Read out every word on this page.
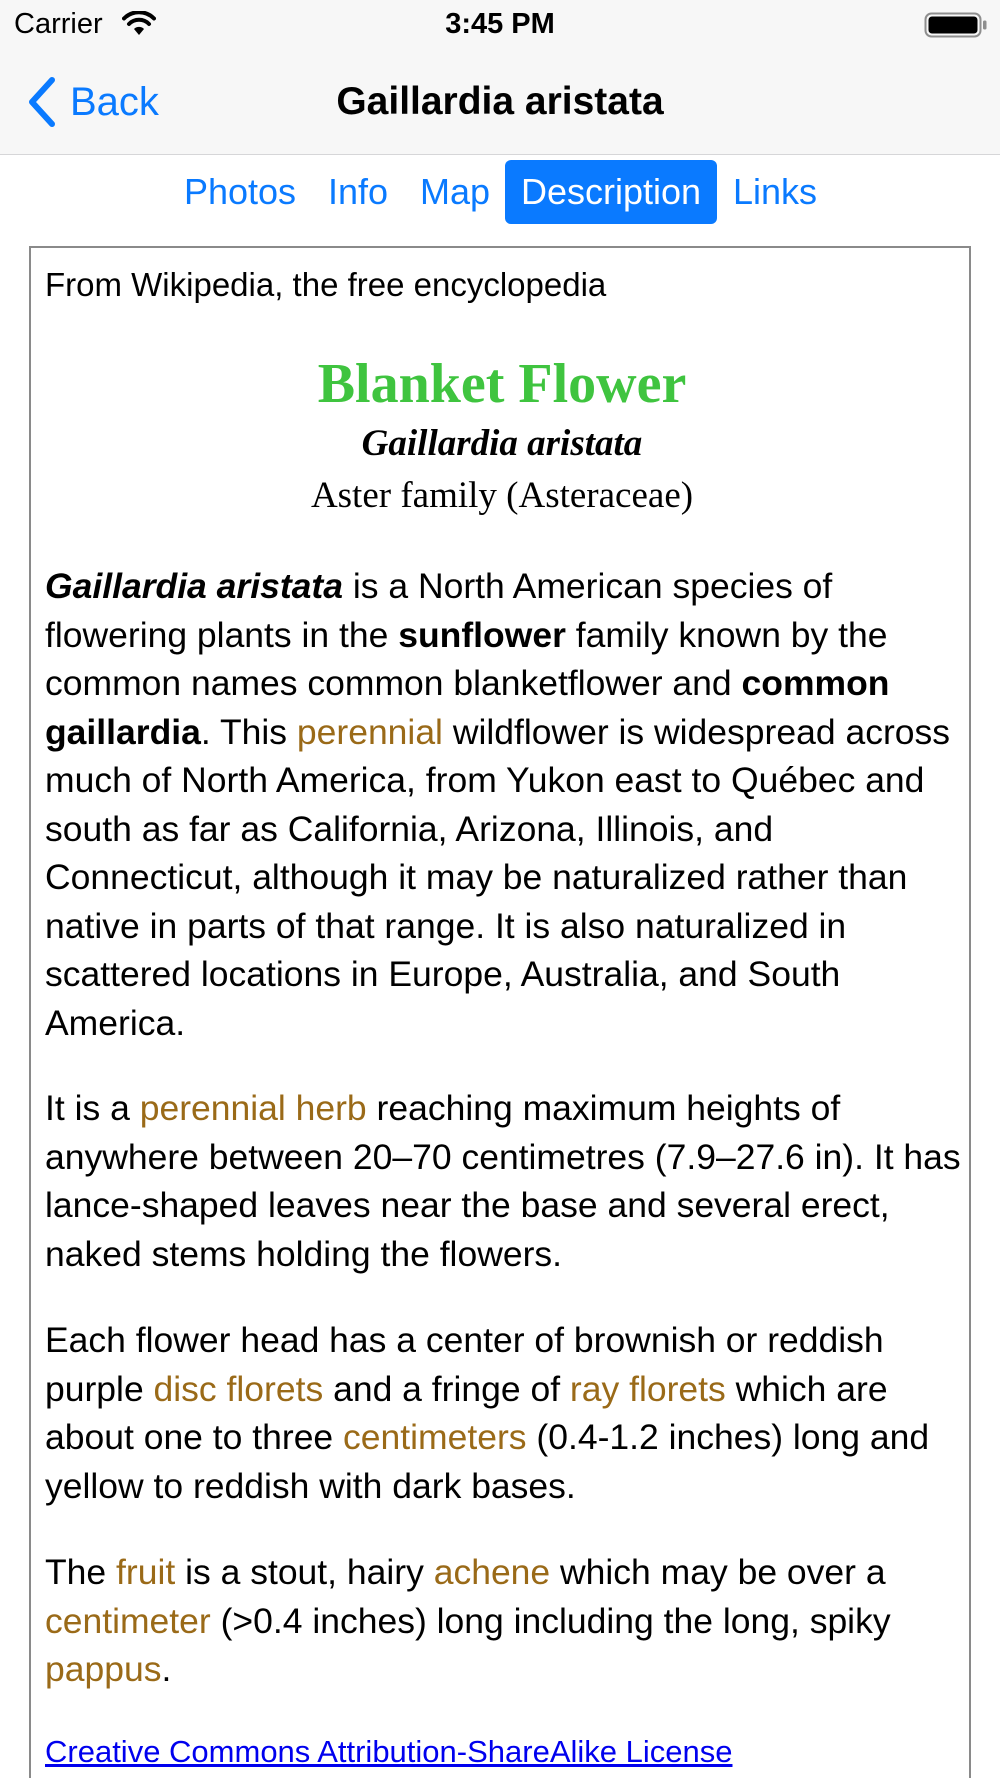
Carrier	3:45 PM
Back	Gaillardia aristata
Photos Info Map Description Links
From Wikipedia, the free encyclopedia
Blanket Flower
Gaillardia aristata
Aster family (Asteraceae)

Gaillardia aristata is a North American species of flowering plants in the sunflower family known by the common names common blanketflower and common gaillardia. This perennial wildflower is widespread across much of North America, from Yukon east to Québec and south as far as California, Arizona, Illinois, and Connecticut, although it may be naturalized rather than native in parts of that range. It is also naturalized in scattered locations in Europe, Australia, and South America.

It is a perennial herb reaching maximum heights of anywhere between 20–70 centimetres (7.9–27.6 in). It has lance-shaped leaves near the base and several erect, naked stems holding the flowers.

Each flower head has a center of brownish or reddish purple disc florets and a fringe of ray florets which are about one to three centimeters (0.4-1.2 inches) long and yellow to reddish with dark bases.

The fruit is a stout, hairy achene which may be over a centimeter (>0.4 inches) long including the long, spiky pappus.

Creative Commons Attribution-ShareAlike License
